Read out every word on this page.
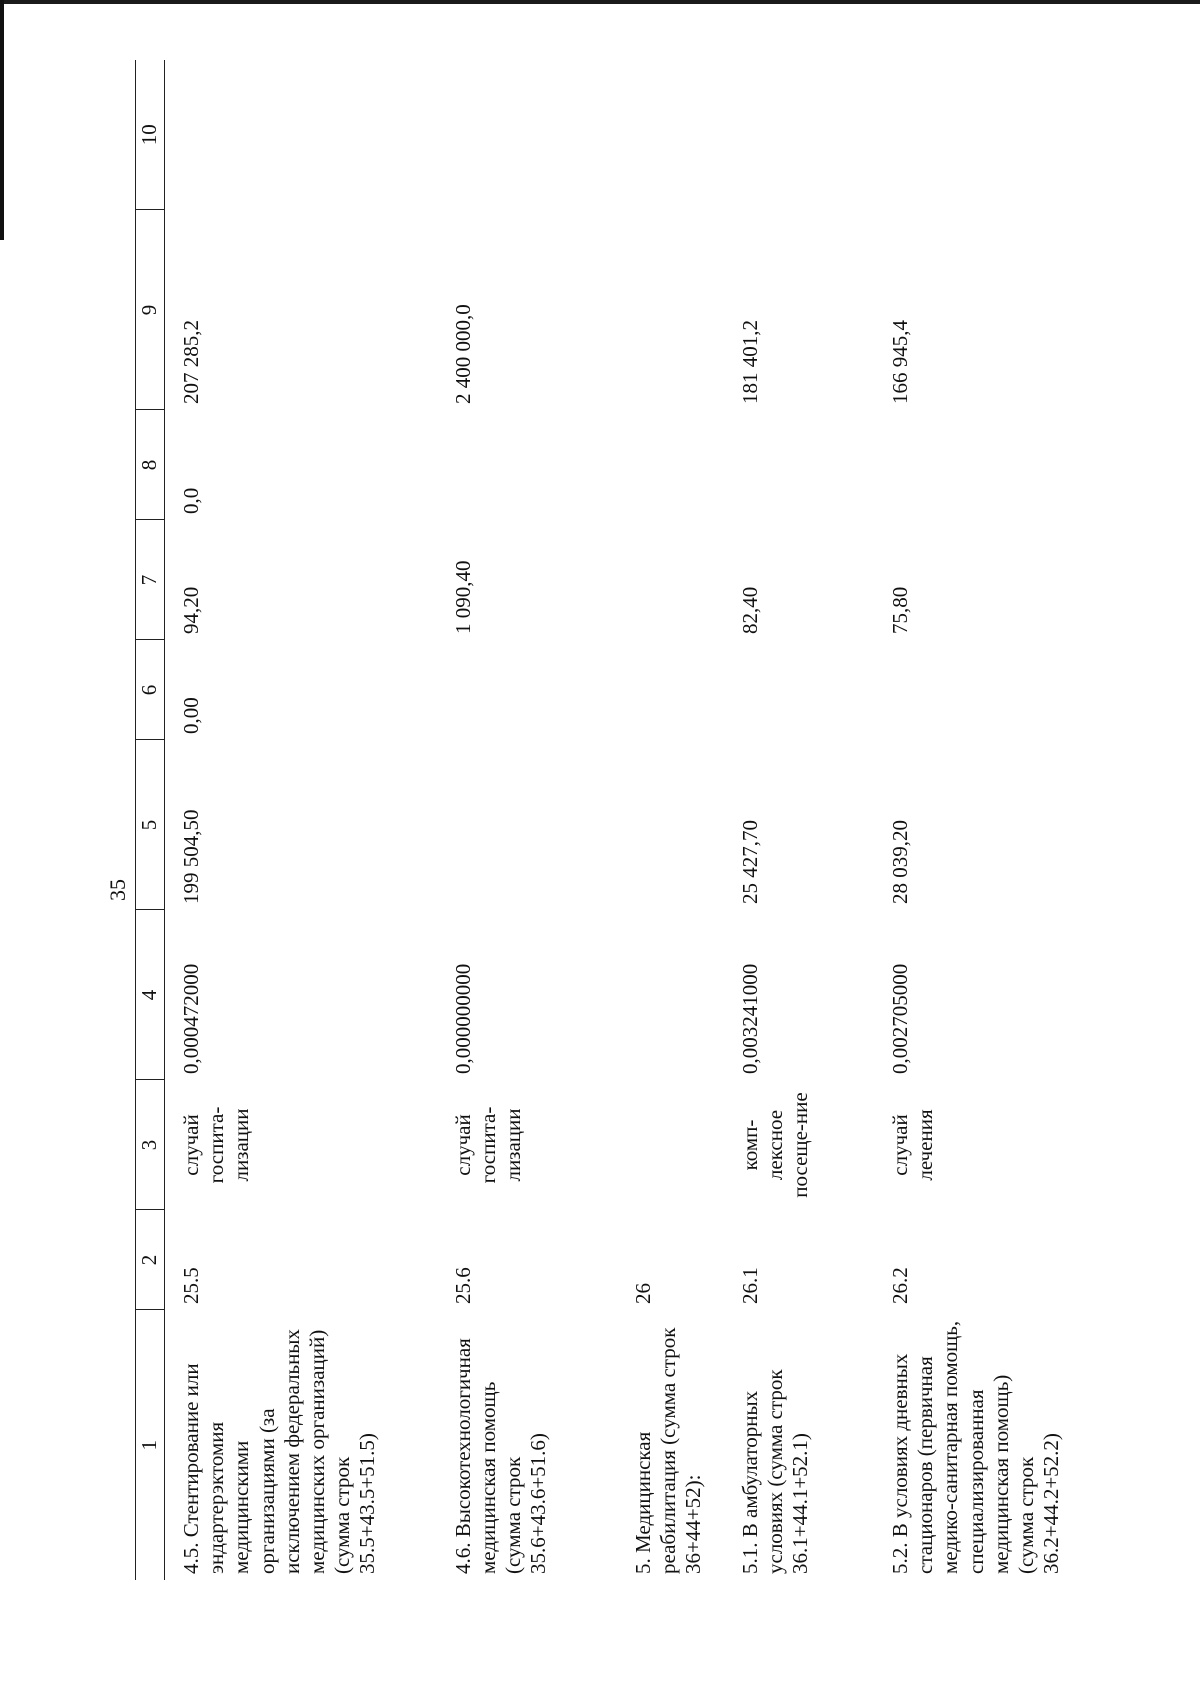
35
1	2	3	4	5	6	7	8	9	10
4.5. Стентирование или эндартерэктомия медицинскими организациями (за исключением федеральных медицинских организаций) (сумма строк 35.5+43.5+51.5)	25.5	случай госпита-лизации	0,000472000	199 504,50	0,00	94,20	0,0	207 285,2	
4.6. Высокотехнологичная медицинская помощь (сумма строк 35.6+43.6+51.6)	25.6	случай госпита-лизации	0,000000000			1 090,40		2 400 000,0	
5. Медицинская реабилитация (сумма строк 36+44+52):	26								
5.1. В амбулаторных условиях (сумма строк 36.1+44.1+52.1)	26.1	комп-лексное посеще-ние	0,003241000	25 427,70		82,40		181 401,2	
5.2. В условиях дневных стационаров (первичная медико-санитарная помощь, специализированная медицинская помощь) (сумма строк 36.2+44.2+52.2)	26.2	случай лечения	0,002705000	28 039,20		75,80		166 945,4	
